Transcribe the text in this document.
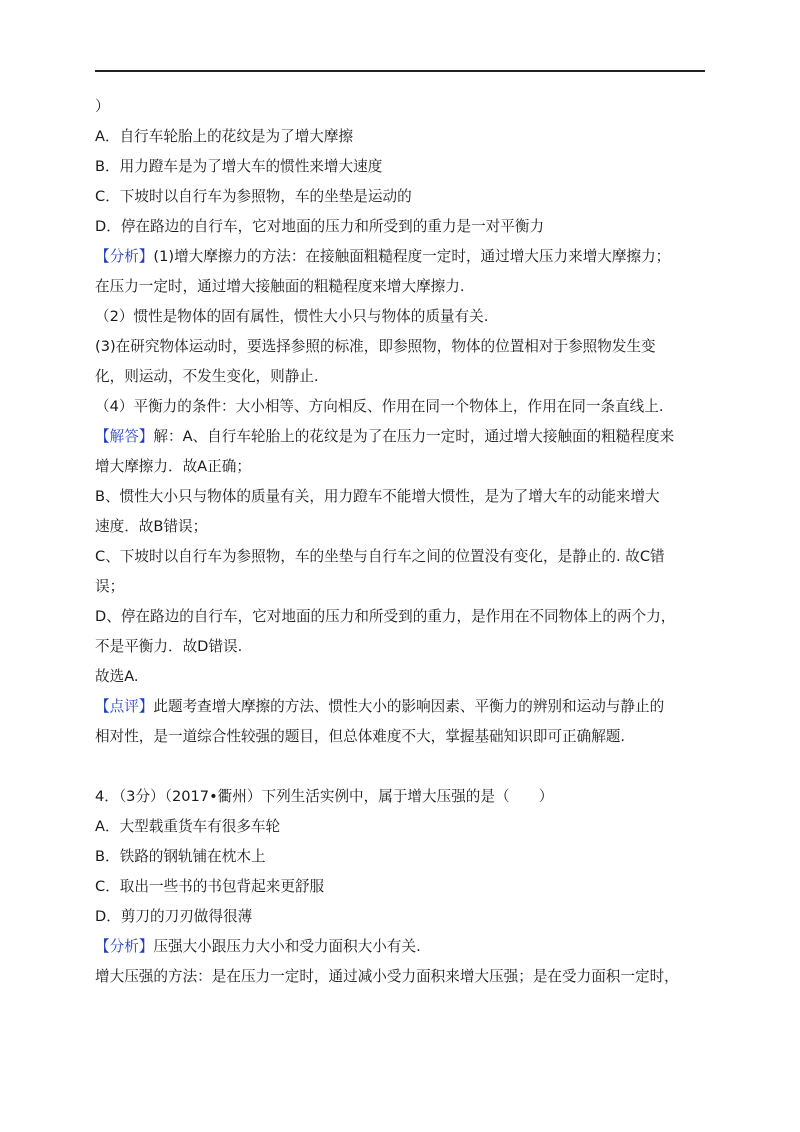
）
A．自行车轮胎上的花纹是为了增大摩擦
B．用力蹬车是为了增大车的惯性来增大速度
C．下坡时以自行车为参照物，车的坐垫是运动的
D．停在路边的自行车，它对地面的压力和所受到的重力是一对平衡力
【分析】(1)增大摩擦力的方法：在接触面粗糙程度一定时，通过增大压力来增大摩擦力；
在压力一定时，通过增大接触面的粗糙程度来增大摩擦力.
（2）惯性是物体的固有属性，惯性大小只与物体的质量有关.
(3)在研究物体运动时，要选择参照的标准，即参照物，物体的位置相对于参照物发生变
化，则运动，不发生变化，则静止.
（4）平衡力的条件：大小相等、方向相反、作用在同一个物体上，作用在同一条直线上.
【解答】解：A、自行车轮胎上的花纹是为了在压力一定时，通过增大接触面的粗糙程度来
增大摩擦力．故A正确；
B、惯性大小只与物体的质量有关，用力蹬车不能增大惯性，是为了增大车的动能来增大
速度．故B错误；
C、下坡时以自行车为参照物，车的坐垫与自行车之间的位置没有变化，是静止的. 故C错
误；
D、停在路边的自行车，它对地面的压力和所受到的重力，是作用在不同物体上的两个力，
不是平衡力．故D错误.
故选A.
【点评】此题考查增大摩擦的方法、惯性大小的影响因素、平衡力的辨别和运动与静止的
相对性，是一道综合性较强的题目，但总体难度不大，掌握基础知识即可正确解题.
4．（3分）（2017•衢州）下列生活实例中，属于增大压强的是（　　）
A．大型载重货车有很多车轮
B．铁路的钢轨铺在枕木上
C．取出一些书的书包背起来更舒服
D．剪刀的刀刃做得很薄
【分析】压强大小跟压力大小和受力面积大小有关.
增大压强的方法：是在压力一定时，通过减小受力面积来增大压强；是在受力面积一定时，
